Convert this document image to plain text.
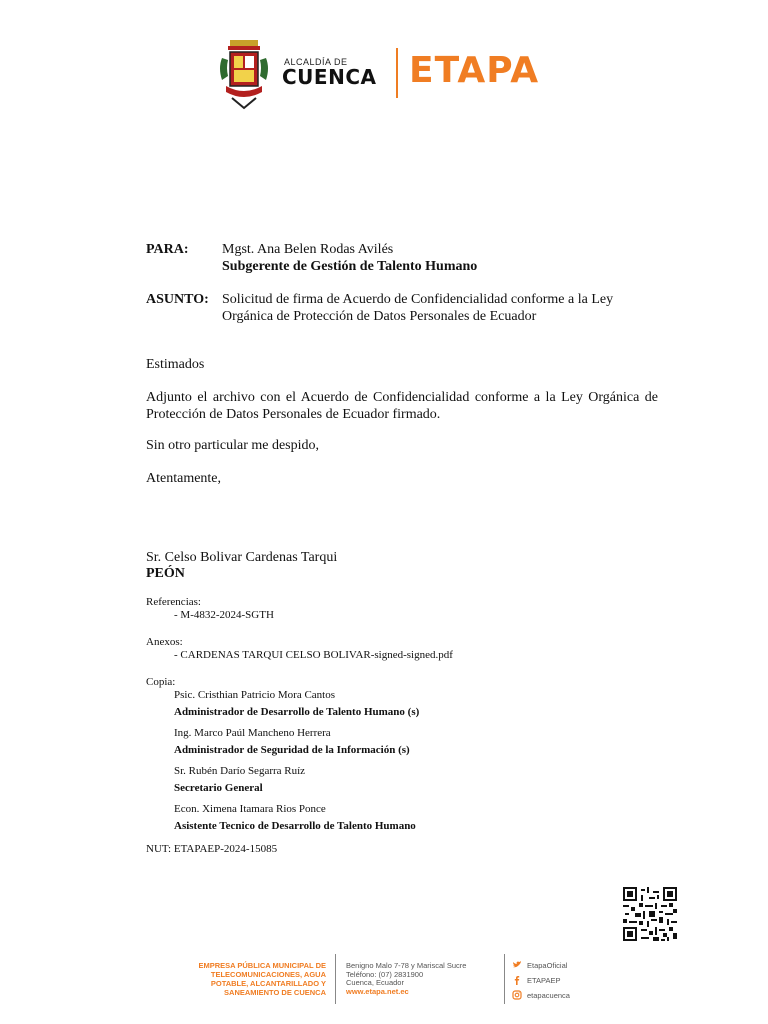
ALCALDÍA DE
CUENCA ETAPA
PARA: Mgst. Ana Belen Rodas Avilés
Subgerente de Gestión de Talento Humano
ASUNTO: Solicitud de firma de Acuerdo de Confidencialidad conforme a la Ley
Orgánica de Protección de Datos Personales de Ecuador
Estimados
Adjunto el archivo con el Acuerdo de Confidencialidad conforme a la Ley Orgánica de Protección de Datos Personales de Ecuador firmado.
Sin otro particular me despido,
Atentamente,
Sr. Celso Bolivar Cardenas Tarqui
PEÓN
Referencias:
- M-4832-2024-SGTH
Anexos:
- CARDENAS TARQUI CELSO BOLIVAR-signed-signed.pdf
Copia:
Psic. Cristhian Patricio Mora Cantos
Administrador de Desarrollo de Talento Humano (s)
Ing. Marco Paúl Mancheno Herrera
Administrador de Seguridad de la Información (s)
Sr. Rubén Darío Segarra Ruíz
Secretario General
Econ. Ximena Itamara Rios Ponce
Asistente Tecnico de Desarrollo de Talento Humano
NUT: ETAPAEP-2024-15085
EMPRESA PÚBLICA MUNICIPAL DE
TELECOMUNICACIONES, AGUA
POTABLE, ALCANTARILLADO Y
SANEAMIENTO DE CUENCA
Benigno Malo 7-78 y Mariscal Sucre
Teléfono: (07) 2831900
Cuenca, Ecuador
www.etapa.net.ec
EtapaOficial
ETAPAEP
etapacuenca
